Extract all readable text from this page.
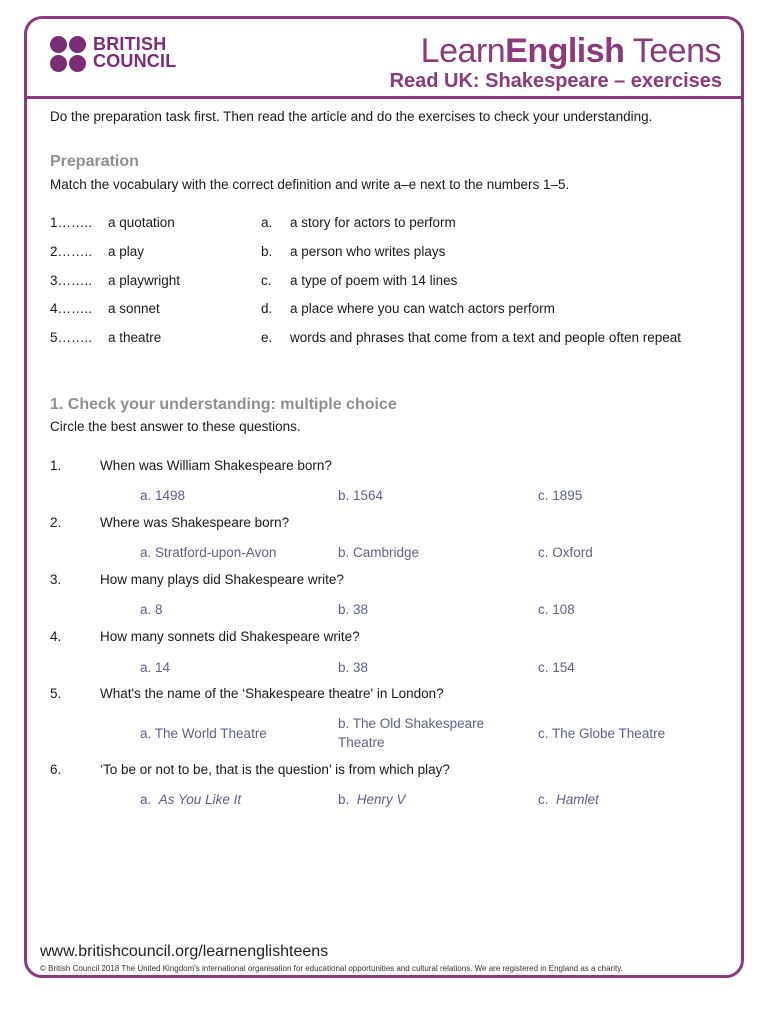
BRITISH
COUNCIL	LearnEnglish Teens
Read UK: Shakespeare – exercises
Do the preparation task first. Then read the article and do the exercises to check your understanding.
Preparation
Match the vocabulary with the correct definition and write a–e next to the numbers 1–5.
1…….. a quotation	a. a story for actors to perform
2…….. a play	b. a person who writes plays
3…….. a playwright	c. a type of poem with 14 lines
4…….. a sonnet	d. a place where you can watch actors perform
5…….. a theatre	e. words and phrases that come from a text and people often repeat
1. Check your understanding: multiple choice
Circle the best answer to these questions.
1.	When was William Shakespeare born?
a. 1498	b. 1564	c. 1895
2.	Where was Shakespeare born?
a. Stratford-upon-Avon	b. Cambridge	c. Oxford
3.	How many plays did Shakespeare write?
a. 8	b. 38	c. 108
4.	How many sonnets did Shakespeare write?
a. 14	b. 38	c. 154
5.	What's the name of the ‘Shakespeare theatre' in London?
a. The World Theatre
b. The Old Shakespeare Theatre
c. The Globe Theatre
6.	‘To be or not to be, that is the question’ is from which play?
a. As You Like It	b. Henry V	c. Hamlet
www.britishcouncil.org/learnenglishteens
© British Council 2018 The United Kingdom's international organisation for educational opportunities and cultural relations. We are registered in England as a charity.
